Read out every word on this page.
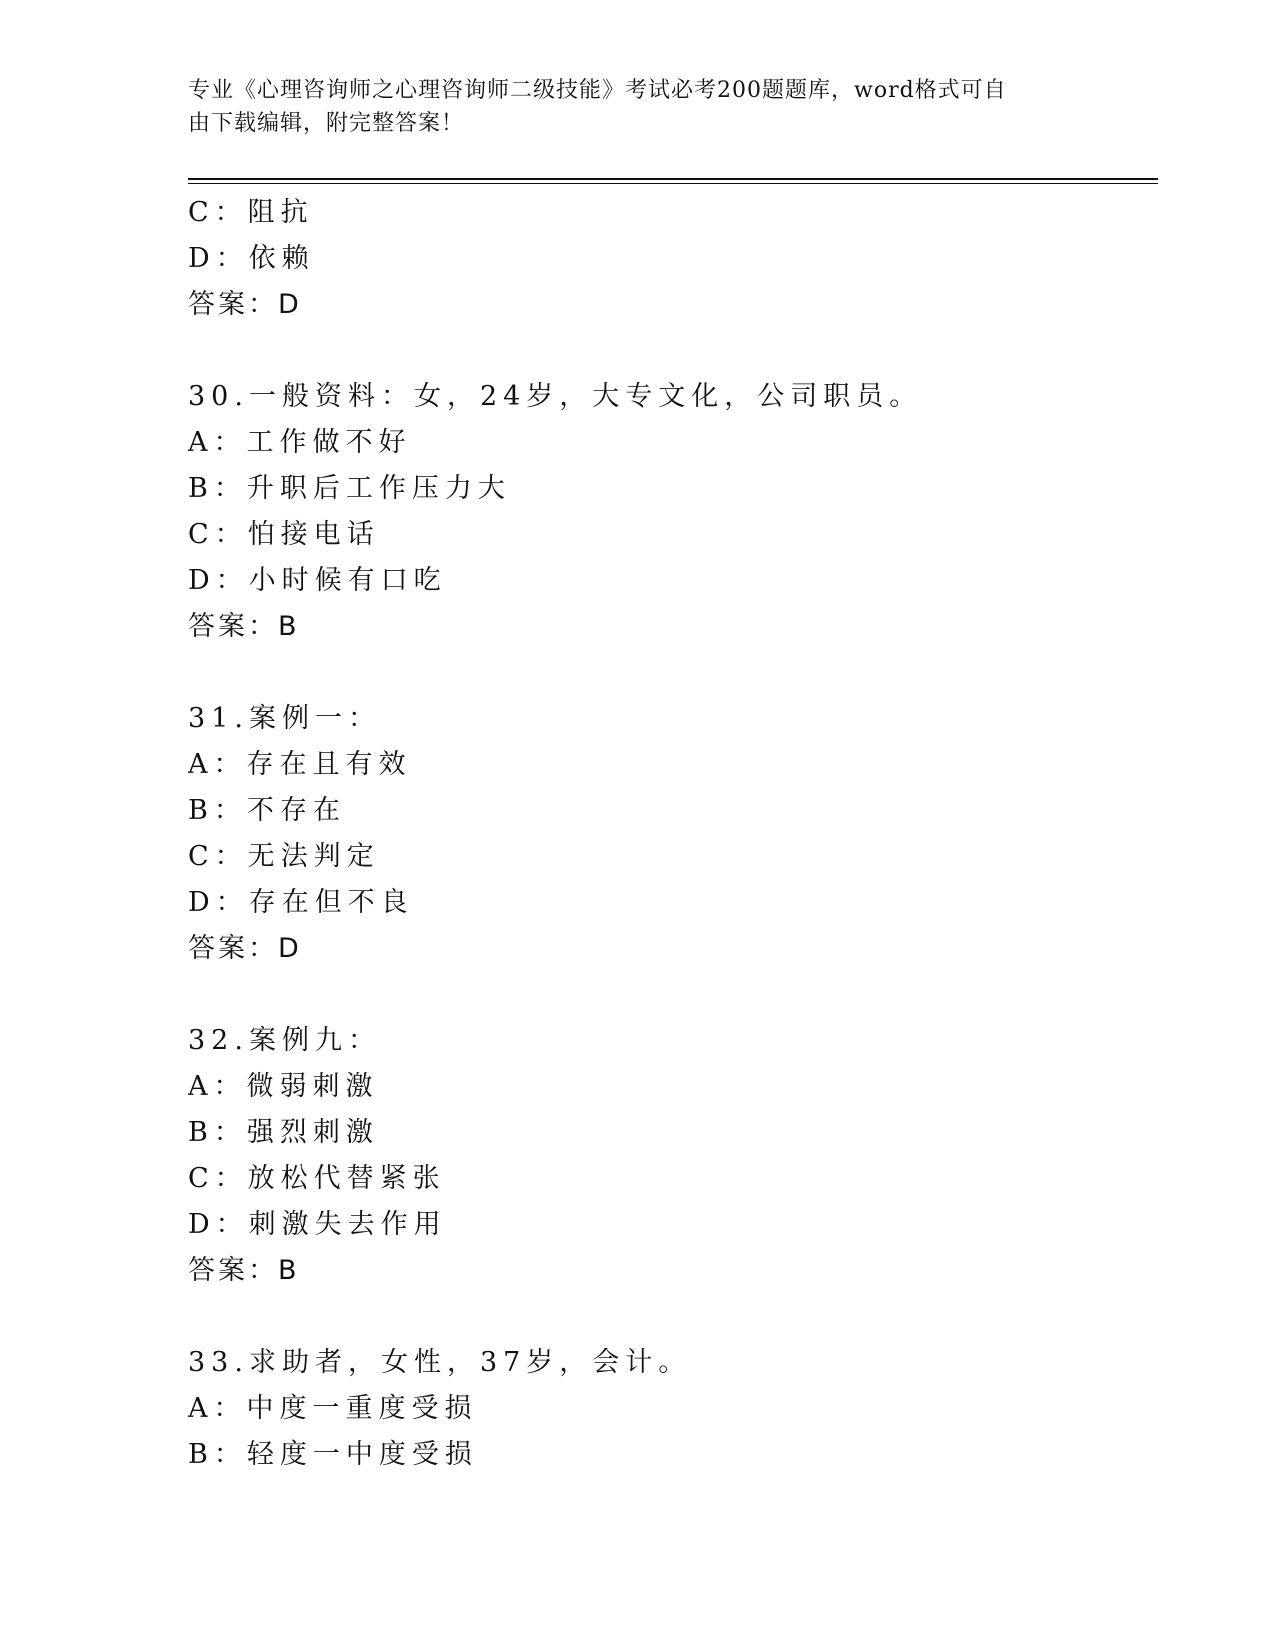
专业《心理咨询师之心理咨询师二级技能》考试必考200题题库，word格式可自
由下载编辑，附完整答案！
C：阻抗
D：依赖
答案：D
30.一般资料：女，24岁，大专文化，公司职员。
A：工作做不好
B：升职后工作压力大
C：怕接电话
D：小时候有口吃
答案：B
31.案例一：
A：存在且有效
B：不存在
C：无法判定
D：存在但不良
答案：D
32.案例九：
A：微弱刺激
B：强烈刺激
C：放松代替紧张
D：刺激失去作用
答案：B
33.求助者，女性，37岁，会计。
A：中度一重度受损
B：轻度一中度受损
